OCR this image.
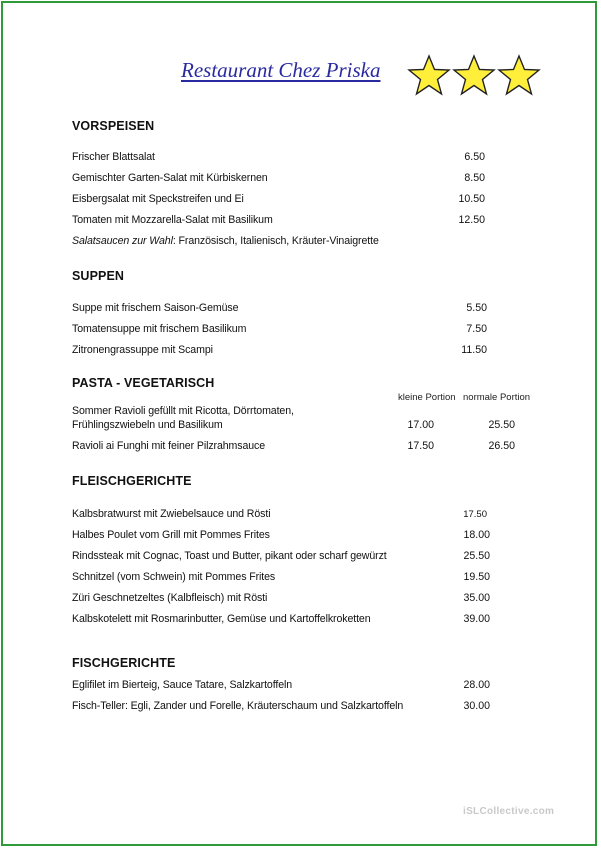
Restaurant Chez Priska
VORSPEISEN
Frischer Blattsalat	6.50
Gemischter Garten-Salat mit Kürbiskernen	8.50
Eisbergsalat mit Speckstreifen und Ei	10.50
Tomaten mit Mozzarella-Salat mit Basilikum	12.50
Salatsaucen zur Wahl: Französisch, Italienisch, Kräuter-Vinaigrette
SUPPEN
Suppe mit frischem Saison-Gemüse	5.50
Tomatensuppe mit frischem Basilikum	7.50
Zitronengrassuppe mit Scampi	11.50
PASTA - VEGETARISCH
kleine Portion normale Portion
Sommer Ravioli gefüllt mit Ricotta, Dörrtomaten,
Frühlingszwiebeln und Basilikum	17.00	25.50
Ravioli ai Funghi mit feiner Pilzrahmsauce	17.50	26.50
FLEISCHGERICHTE
Kalbsbratwurst mit Zwiebelsauce und Rösti	17.50
Halbes Poulet vom Grill mit Pommes Frites	18.00
Rindssteak mit Cognac, Toast und Butter, pikant oder scharf gewürzt	25.50
Schnitzel (vom Schwein) mit Pommes Frites	19.50
Züri Geschnetzeltes (Kalbfleisch) mit Rösti	35.00
Kalbskotelett mit Rosmarinbutter, Gemüse und Kartoffelkroketten	39.00
FISCHGERICHTE
Eglifilet im Bierteig, Sauce Tatare, Salzkartoffeln	28.00
Fisch-Teller: Egli, Zander und Forelle, Kräuterschaum und Salzkartoffeln	30.00
iSLCollective.com
